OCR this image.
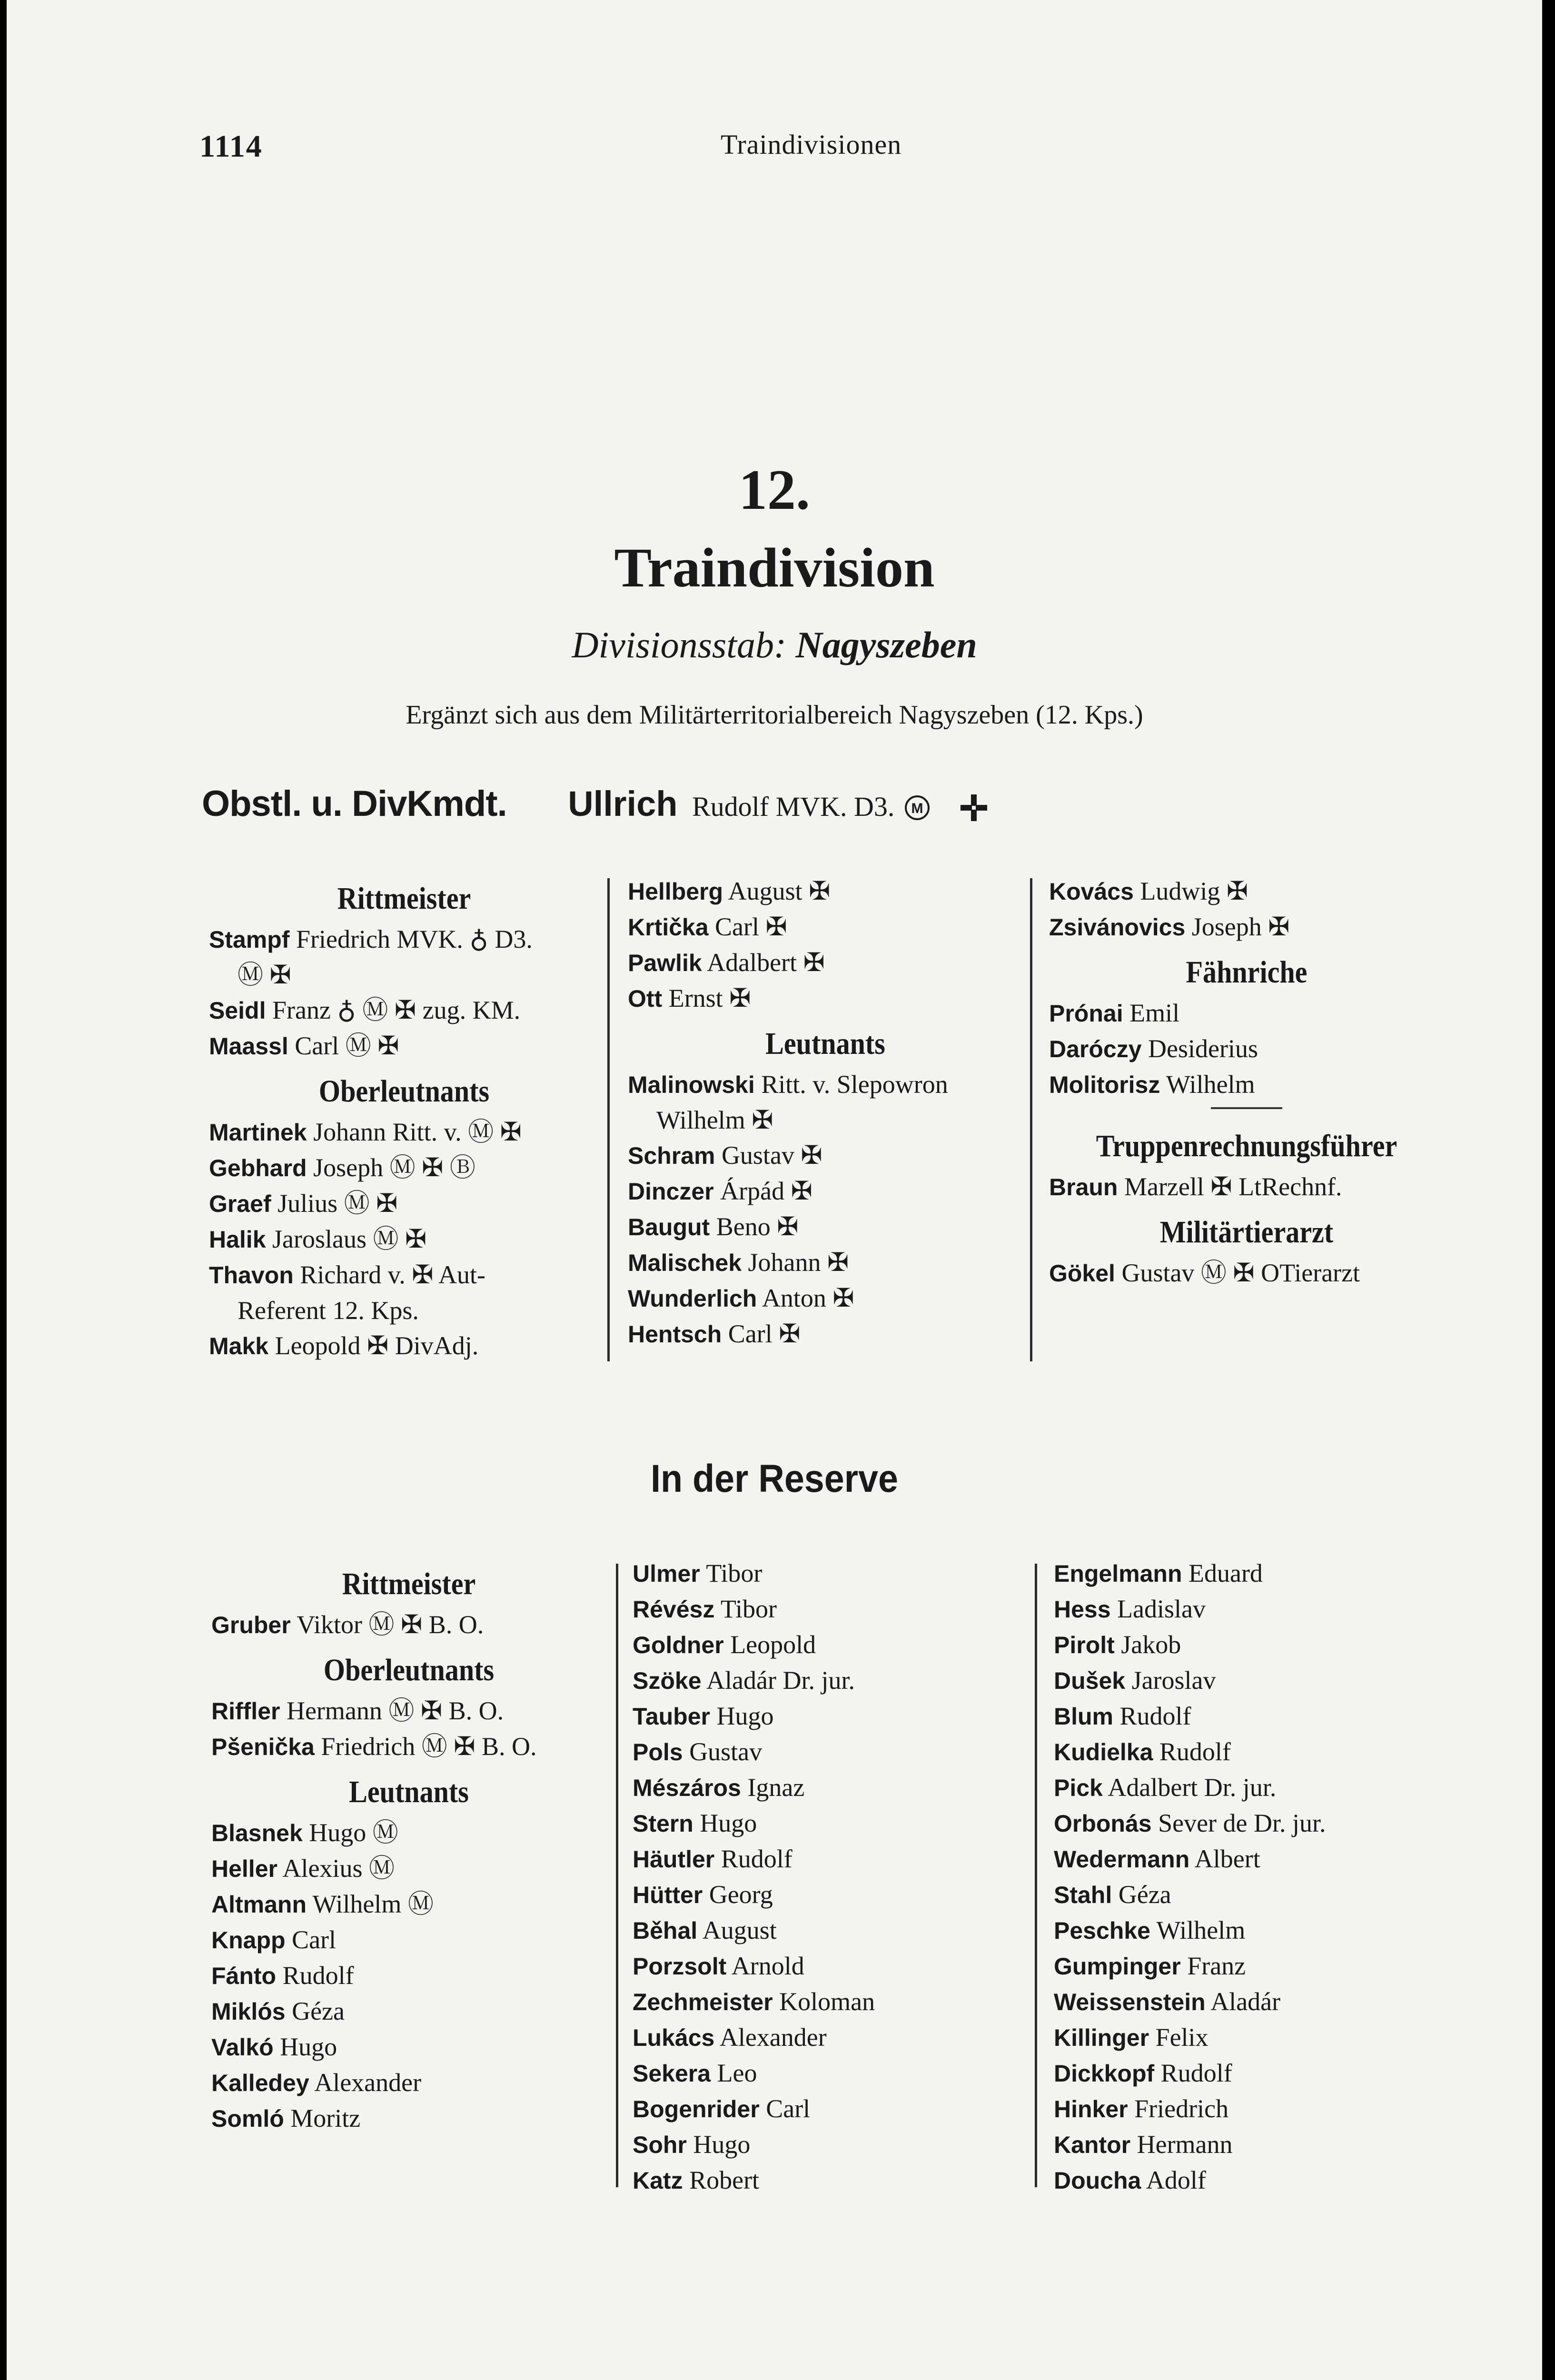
1114	Traindivisionen
12.
Traindivision
Divisionsstab: Nagyszeben
Ergänzt sich aus dem Militärterritorialbereich Nagyszeben (12. Kps.)
Obstl. u. DivKmdt. Ullrich Rudolf MVK. D3. M

Rittmeister
Stampf Friedrich MVK. ♁ D3.
Ⓜ ✠
Seidl Franz ♁ Ⓜ ✠ zug. KM.
Maassl Carl Ⓜ ✠
Oberleutnants
Martinek Johann Ritt. v. Ⓜ ✠
Gebhard Joseph Ⓜ ✠ Ⓑ
Graef Julius Ⓜ ✠
Halik Jaroslaus Ⓜ ✠
Thavon Richard v. ✠ Aut-
Referent 12. Kps.
Makk Leopold ✠ DivAdj.
Hellberg August ✠
Krtička Carl ✠
Pawlik Adalbert ✠
Ott Ernst ✠
Leutnants
Malinowski Ritt. v. Slepowron
Wilhelm ✠
Schram Gustav ✠
Dinczer Árpád ✠
Baugut Beno ✠
Malischek Johann ✠
Wunderlich Anton ✠
Hentsch Carl ✠
Kovács Ludwig ✠
Zsivánovics Joseph ✠
Fähnriche
Prónai Emil
Daróczy Desiderius
Molitorisz Wilhelm
Truppenrechnungsführer
Braun Marzell ✠ LtRechnf.
Militärtierarzt
Gökel Gustav Ⓜ ✠ OTierarzt
In der Reserve
Rittmeister
Gruber Viktor Ⓜ ✠ B. O.
Oberleutnants
Riffler Hermann Ⓜ ✠ B. O.
Pšenička Friedrich Ⓜ ✠ B. O.
Leutnants
Blasnek Hugo Ⓜ
Heller Alexius Ⓜ
Altmann Wilhelm Ⓜ
Knapp Carl
Fánto Rudolf
Miklós Géza
Valkó Hugo
Kalledey Alexander
Somló Moritz
Ulmer Tibor
Révész Tibor
Goldner Leopold
Szöke Aladár Dr. jur.
Tauber Hugo
Pols Gustav
Mészáros Ignaz
Stern Hugo
Häutler Rudolf
Hütter Georg
Běhal August
Porzsolt Arnold
Zechmeister Koloman
Lukács Alexander
Sekera Leo
Bogenrider Carl
Sohr Hugo
Katz Robert
Engelmann Eduard
Hess Ladislav
Pirolt Jakob
Dušek Jaroslav
Blum Rudolf
Kudielka Rudolf
Pick Adalbert Dr. jur.
Orbonás Sever de Dr. jur.
Wedermann Albert
Stahl Géza
Peschke Wilhelm
Gumpinger Franz
Weissenstein Aladár
Killinger Felix
Dickkopf Rudolf
Hinker Friedrich
Kantor Hermann
Doucha Adolf
